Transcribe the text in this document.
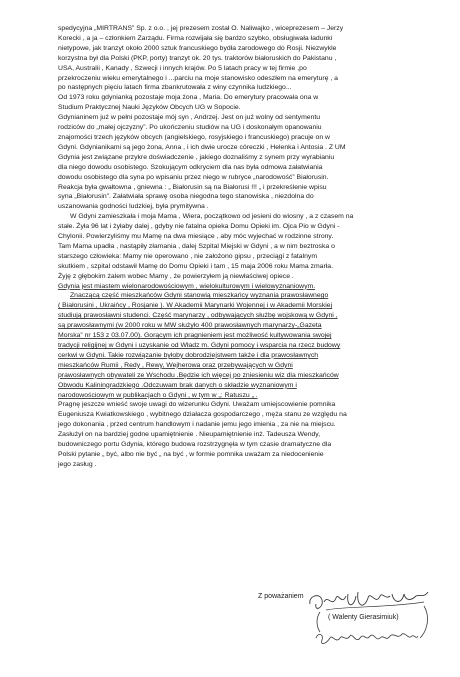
spedycyjna „MIRTRANS” Sp. z o.o. , jej prezesem został O. Naliwajko , wiceprezesem – Jerzy
Korecki , a ja – członkiem Zarządu. Firma rozwijała się bardzo szybko, obsługiwała ładunki
nietypowe, jak tranzyt około 2000 sztuk francuskiego bydła zarodowego do Rosji. Niezwykle
korzystna był dla Polski (PKP, porty) tranzyt ok. 20 tys. traktorów białoruskich do Pakistanu ,
USA, Australii , Kanady , Szwecji i innych krajów. Po 5 latach pracy w tej firmie ,po
przekroczeniu wieku emerytalnego i ...parciu na moje stanowisko odeszłem na emeryturę , a
po następnych pięciu latach firma zbankrutowała z winy czynnika ludzkiego...
Od 1973 roku gdynianką pozostaje moja żona , Maria. Do emerytury pracowała ona w
Studium Praktycznej Nauki Języków Obcych UG w Sopocie.
Gdynianinem już w pełni pozostaje mój syn , Andrzej. Jest on już wolny od sentymentu
rodziców do „małej ojczyzny”. Po ukończeniu studiów na UG i doskonałym opanowaniu
znajomości trzech języków obcych (angielskiego, rosyjskiego i francuskiego) pracuje on w
Gdyni. Gdynianikami są jego żona, Anna , i ich dwie urocze córeczki , Helenka i Antosia . Z UM
Gdynia jest związane przykre doświadczenie , jakiego doznaliśmy z synem przy wyrabianiu
dla niego dowodu osobistego. Szokującym odkryciem dla nas była odmowa załatwiania
dowodu osobistego dla syna po wpisaniu przez niego w rubryce „narodowość” Białorusin.
Reakcja była gwałtowna , gniewna : „ Białorusin są na Białorusi !!! „ i przekreślenie wpisu
syna „Białorusin”. Załatwiała sprawę osoba niegodna tego stanowiska , niezdolna do
uszanowania godności ludzkiej, była prymitywna .
W Gdyni zamieszkała i moja Mama , Wiera, początkowo od jesieni do wiosny , a z czasem na
stałe. Żyła 96 lat i żyłaby dalej , gdyby nie fatalna opieka Domu Opieki im. Ojca Pio w Gdyni -
Chylonii. Powierzyliśmy mu Mamę na dwa miesiące , aby móc wyjechać w rodzinne strony.
Tam Mama upadła , nastąpiły złamania , dalej Szpital Miejski w Gdyni , a w nim beztroska o
starszego człowieka: Mamy nie operowano , nie założono gipsu , przeciągi z fatalnym
skutkiem , szpital odstawił Mamę do Domu Opieki i tam , 15 maja 2006 roku Mama zmarła.
Żyję z głębokim żalem wobec Mamy , że powierzyłem ją niewłaściwej opiece .
Gdynia jest miastem wielonarodowościowym , wielokulturowym i wielowyznaniowym.
Znaczącą część mieszkańców Gdyni stanowią mieszkańcy wyznania prawosławnego
( Białorusini , Ukraińcy , Rosjanie ). W Akademii Marynarki Wojennej i w Akademii Morskiej
studiują prawosławni studenci. Część marynarzy , odbywających służbę wojskową w Gdyni ,
są prawosławnymi (w 2000 roku w MW służyło 400 prawosławnych marynarzy-„Gazeta
Morska” nr 153 z 03.07.00). Gorącym ich pragnieniem jest możliwość kultywowania swojej
tradycji religijnej w Gdyni i uzyskanie od Władz m. Gdyni pomocy i wsparcia na rzecz budowy
cerkwi w Gdyni. Takie rozwiązanie byłoby dobrodziejstwem także i dla prawosławnych
mieszkańców Rumii , Redy , Rewy, Wejherowa oraz przebywających w Gdyni
prawosławnych obywateli ze Wschodu .Będzie ich więcej po zniesieniu wiz dla mieszkańców
Obwodu Kaliningradzkiego .Odczuwam brak danych o składzie wyznaniowym i
narodowościowym w publikacjach o Gdyni , w tym w „: Ratuszu „ .
Pragnę jeszcze wnieść swoje uwagi do wizerunku Gdyni. Uważam umiejscowienie pomnika
Eugeniusza Kwiatkowskiego , wybitnego działacza gospodarczego , męża stanu ze względu na
jego dokonania , przed centrum handlowym i nadanie jemu jego imienia , za nie na miejscu.
Zasłużył on na bardziej godne upamiętnienie . Nieupamiętnienie inż. Tadeusza Wendy,
budowniczego portu Gdynia, którego budowa rozstrzygnęła w tym czasie dramatyczne dla
Polski pytanie „ być, albo nie być „ na być , w formie pomnika uważam za niedocenienie
jego zasług .
Z poważaniem
( Walenty Gierasimiuk)
